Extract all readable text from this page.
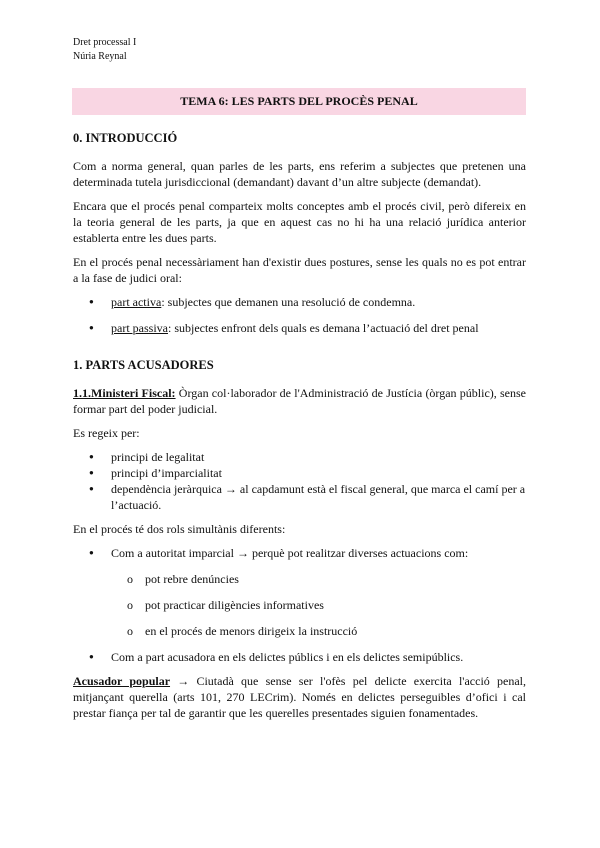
Dret processal I
Núria Reynal
TEMA 6: LES PARTS DEL PROCÈS PENAL
0. INTRODUCCIÓ

Com a norma general, quan parles de les parts, ens referim a subjectes que pretenen una determinada tutela jurisdiccional (demandant) davant d’un altre subjecte (demandat).

Encara que el procés penal comparteix molts conceptes amb el procés civil, però difereix en la teoria general de les parts, ja que en aquest cas no hi ha una relació jurídica anterior establerta entre les dues parts.

En el procés penal necessàriament han d'existir dues postures, sense les quals no es pot entrar a la fase de judici oral:

● part activa: subjectes que demanen una resolució de condemna.
● part passiva: subjectes enfront dels quals es demana l’actuació del dret penal
1. PARTS ACUSADORES

1.1.Ministeri Fiscal: Òrgan col·laborador de l'Administració de Justícia (òrgan públic), sense formar part del poder judicial.

Es regeix per:

● principi de legalitat
● principi d’imparcialitat
● dependència jeràrquica → al capdamunt està el fiscal general, que marca el camí per a l’actuació.

En el procés té dos rols simultànis diferents:

● Com a autoritat imparcial → perquè pot realitzar diverses actuacions com:
o pot rebre denúncies
o pot practicar diligències informatives
o en el procés de menors dirigeix la instrucció
● Com a part acusadora en els delictes públics i en els delictes semipúblics.

Acusador popular → Ciutadà que sense ser l'ofès pel delicte exercita l'acció penal, mitjançant querella (arts 101, 270 LECrim). Només en delictes perseguibles d’ofici i cal prestar fiança per tal de garantir que les querelles presentades siguien fonamentades.
